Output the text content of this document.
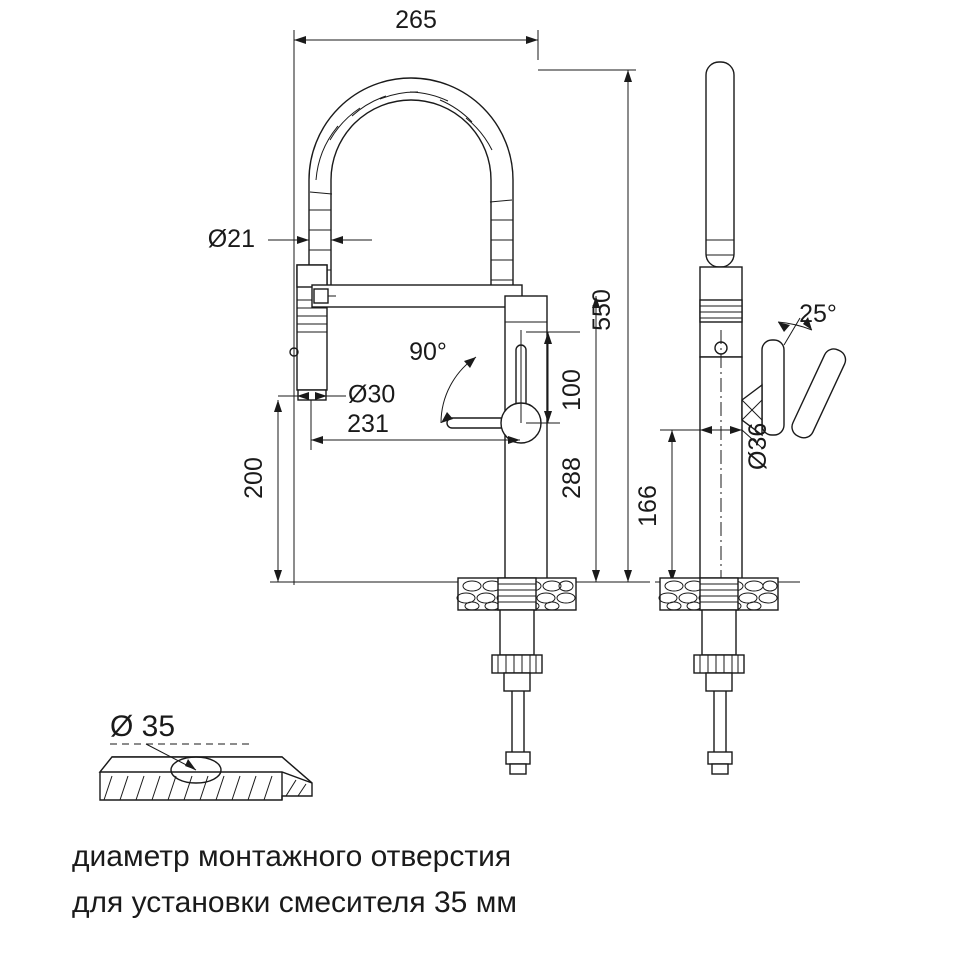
265
Ø21
Ø30
90°
100
231
200	288
550	25°
Ø36
166
Ø 35
диаметр монтажного отверстия
для установки смесителя 35 мм
